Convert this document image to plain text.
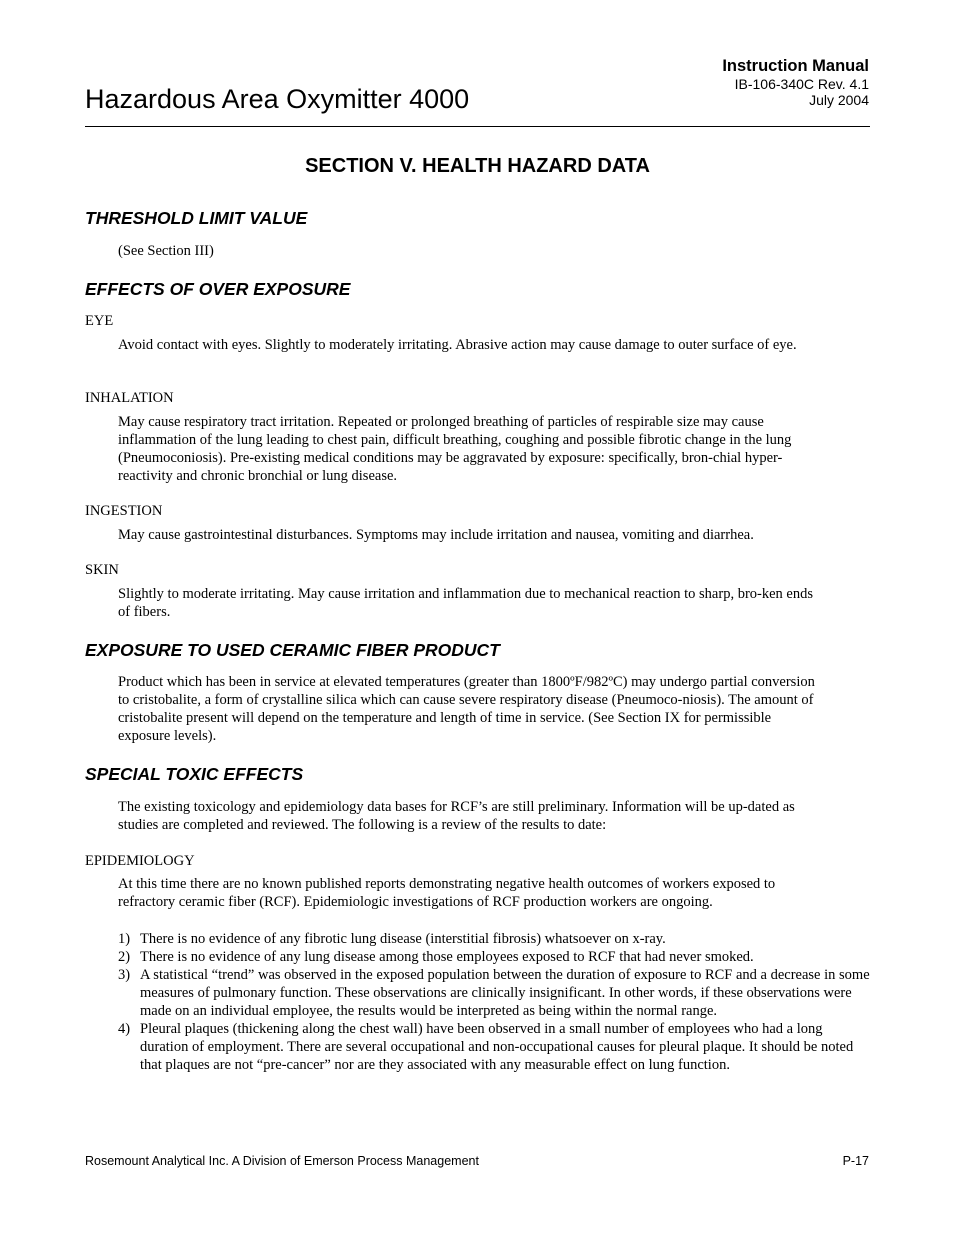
Hazardous Area Oxymitter 4000
Instruction Manual
IB-106-340C Rev. 4.1
July 2004
SECTION V. HEALTH HAZARD DATA
THRESHOLD LIMIT VALUE
(See Section III)
EFFECTS OF OVER EXPOSURE
EYE
Avoid contact with eyes. Slightly to moderately irritating. Abrasive action may cause damage to outer surface of eye.
INHALATION
May cause respiratory tract irritation. Repeated or prolonged breathing of particles of respirable size may cause inflammation of the lung leading to chest pain, difficult breathing, coughing and possible fibrotic change in the lung (Pneumoconiosis). Pre-existing medical conditions may be aggravated by exposure: specifically, bron-chial hyper-reactivity and chronic bronchial or lung disease.
INGESTION
May cause gastrointestinal disturbances. Symptoms may include irritation and nausea, vomiting and diarrhea.
SKIN
Slightly to moderate irritating. May cause irritation and inflammation due to mechanical reaction to sharp, bro-ken ends of fibers.
EXPOSURE TO USED CERAMIC FIBER PRODUCT
Product which has been in service at elevated temperatures (greater than 1800ºF/982ºC) may undergo partial conversion to cristobalite, a form of crystalline silica which can cause severe respiratory disease (Pneumoco-niosis). The amount of cristobalite present will depend on the temperature and length of time in service. (See Section IX for permissible exposure levels).
SPECIAL TOXIC EFFECTS
The existing toxicology and epidemiology data bases for RCF’s are still preliminary. Information will be up-dated as studies are completed and reviewed. The following is a review of the results to date:
EPIDEMIOLOGY
At this time there are no known published reports demonstrating negative health outcomes of workers exposed to refractory ceramic fiber (RCF). Epidemiologic investigations of RCF production workers are ongoing.
1) There is no evidence of any fibrotic lung disease (interstitial fibrosis) whatsoever on x-ray.
2) There is no evidence of any lung disease among those employees exposed to RCF that had never smoked.
3) A statistical “trend” was observed in the exposed population between the duration of exposure to RCF and a decrease in some measures of pulmonary function. These observations are clinically insignificant. In other words, if these observations were made on an individual employee, the results would be interpreted as being within the normal range.
4) Pleural plaques (thickening along the chest wall) have been observed in a small number of employees who had a long duration of employment. There are several occupational and non-occupational causes for pleural plaque. It should be noted that plaques are not “pre-cancer” nor are they associated with any measurable effect on lung function.
Rosemount Analytical Inc. A Division of Emerson Process Management	P-17
